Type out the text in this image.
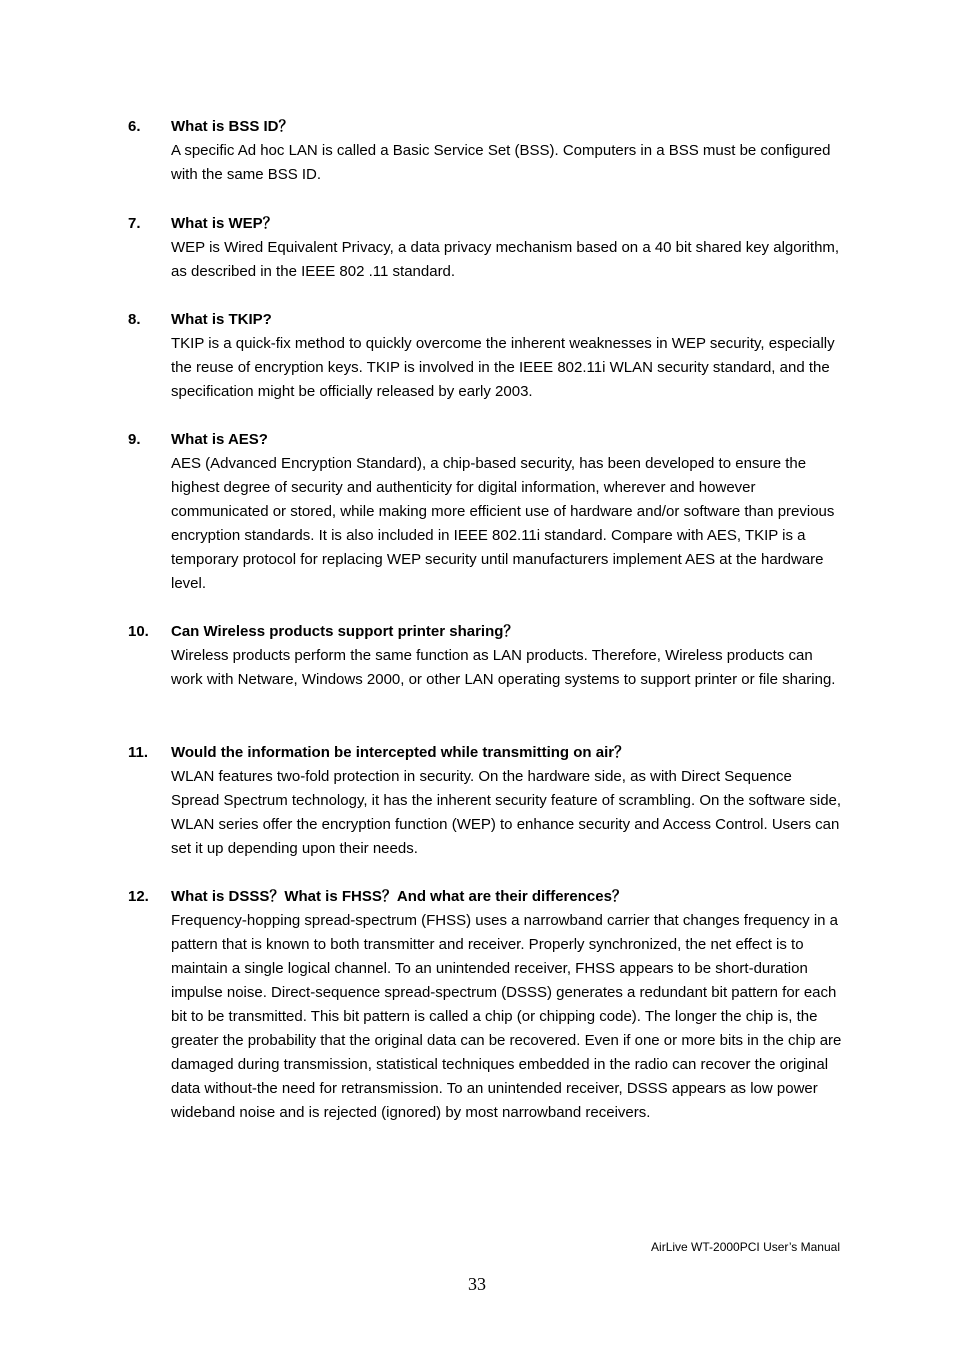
6. What is BSS ID？
A specific Ad hoc LAN is called a Basic Service Set (BSS). Computers in a BSS must be configured with the same BSS ID.
7. What is WEP？
WEP is Wired Equivalent Privacy, a data privacy mechanism based on a 40 bit shared key algorithm, as described in the IEEE 802 .11 standard.
8. What is TKIP?
TKIP is a quick-fix method to quickly overcome the inherent weaknesses in WEP security, especially the reuse of encryption keys. TKIP is involved in the IEEE 802.11i WLAN security standard, and the specification might be officially released by early 2003.
9. What is AES?
AES (Advanced Encryption Standard), a chip-based security, has been developed to ensure the highest degree of security and authenticity for digital information, wherever and however communicated or stored, while making more efficient use of hardware and/or software than previous encryption standards. It is also included in IEEE 802.11i standard. Compare with AES, TKIP is a temporary protocol for replacing WEP security until manufacturers implement AES at the hardware level.
10. Can Wireless products support printer sharing？
Wireless products perform the same function as LAN products. Therefore, Wireless products can work with Netware, Windows 2000, or other LAN operating systems to support printer or file sharing.
11. Would the information be intercepted while transmitting on air？
WLAN features two-fold protection in security. On the hardware side, as with Direct Sequence Spread Spectrum technology, it has the inherent security feature of scrambling. On the software side, WLAN series offer the encryption function (WEP) to enhance security and Access Control. Users can set it up depending upon their needs.
12. What is DSSS？What is FHSS？And what are their differences？
Frequency-hopping spread-spectrum (FHSS) uses a narrowband carrier that changes frequency in a pattern that is known to both transmitter and receiver. Properly synchronized, the net effect is to maintain a single logical channel. To an unintended receiver, FHSS appears to be short-duration impulse noise. Direct-sequence spread-spectrum (DSSS) generates a redundant bit pattern for each bit to be transmitted. This bit pattern is called a chip (or chipping code). The longer the chip is, the greater the probability that the original data can be recovered. Even if one or more bits in the chip are damaged during transmission, statistical techniques embedded in the radio can recover the original data without-the need for retransmission. To an unintended receiver, DSSS appears as low power wideband noise and is rejected (ignored) by most narrowband receivers.
AirLive WT-2000PCI User’s Manual
33
